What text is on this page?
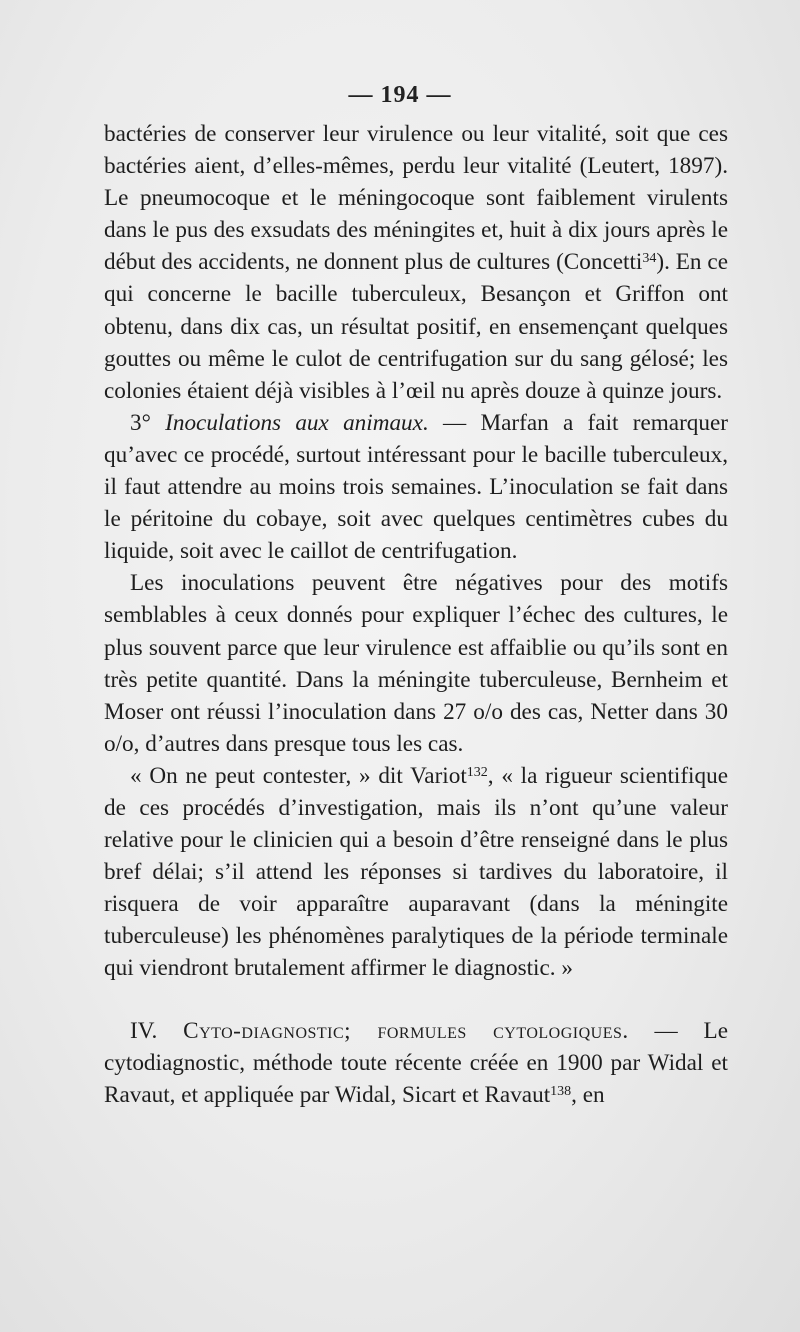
— 194 —

bactéries de conserver leur virulence ou leur vitalité, soit que ces bactéries aient, d’elles-mêmes, perdu leur vitalité (Leutert, 1897). Le pneumocoque et le méningocoque sont faiblement virulents dans le pus des exsudats des méningites et, huit à dix jours après le début des accidents, ne donnent plus de cultures (Concetti$^{34}$). En ce qui concerne le bacille tuberculeux, Besançon et Griffon ont obtenu, dans dix cas, un résultat positif, en ensemençant quelques gouttes ou même le culot de centrifugation sur du sang gélosé; les colonies étaient déjà visibles à l’œil nu après douze à quinze jours.

3° Inoculations aux animaux. — Marfan a fait remarquer qu’avec ce procédé, surtout intéressant pour le bacille tuberculeux, il faut attendre au moins trois semaines. L’inoculation se fait dans le péritoine du cobaye, soit avec quelques centimètres cubes du liquide, soit avec le caillot de centrifugation.

Les inoculations peuvent être négatives pour des motifs semblables à ceux donnés pour expliquer l’échec des cultures, le plus souvent parce que leur virulence est affaiblie ou qu’ils sont en très petite quantité. Dans la méningite tuberculeuse, Bernheim et Moser ont réussi l’inoculation dans 27 o/o des cas, Netter dans 30 o/o, d’autres dans presque tous les cas.

« On ne peut contester, » dit Variot$^{132}$, « la rigueur scientifique de ces procédés d’investigation, mais ils n’ont qu’une valeur relative pour le clinicien qui a besoin d’être renseigné dans le plus bref délai; s’il attend les réponses si tardives du laboratoire, il risquera de voir apparaître auparavant (dans la méningite tuberculeuse) les phénomènes paralytiques de la période terminale qui viendront brutalement affirmer le diagnostic. »

IV. Cyto-diagnostic; formules cytologiques. — Le cytodiagnostic, méthode toute récente créée en 1900 par Widal et Ravaut, et appliquée par Widal, Sicart et Ravaut$^{138}$, en
